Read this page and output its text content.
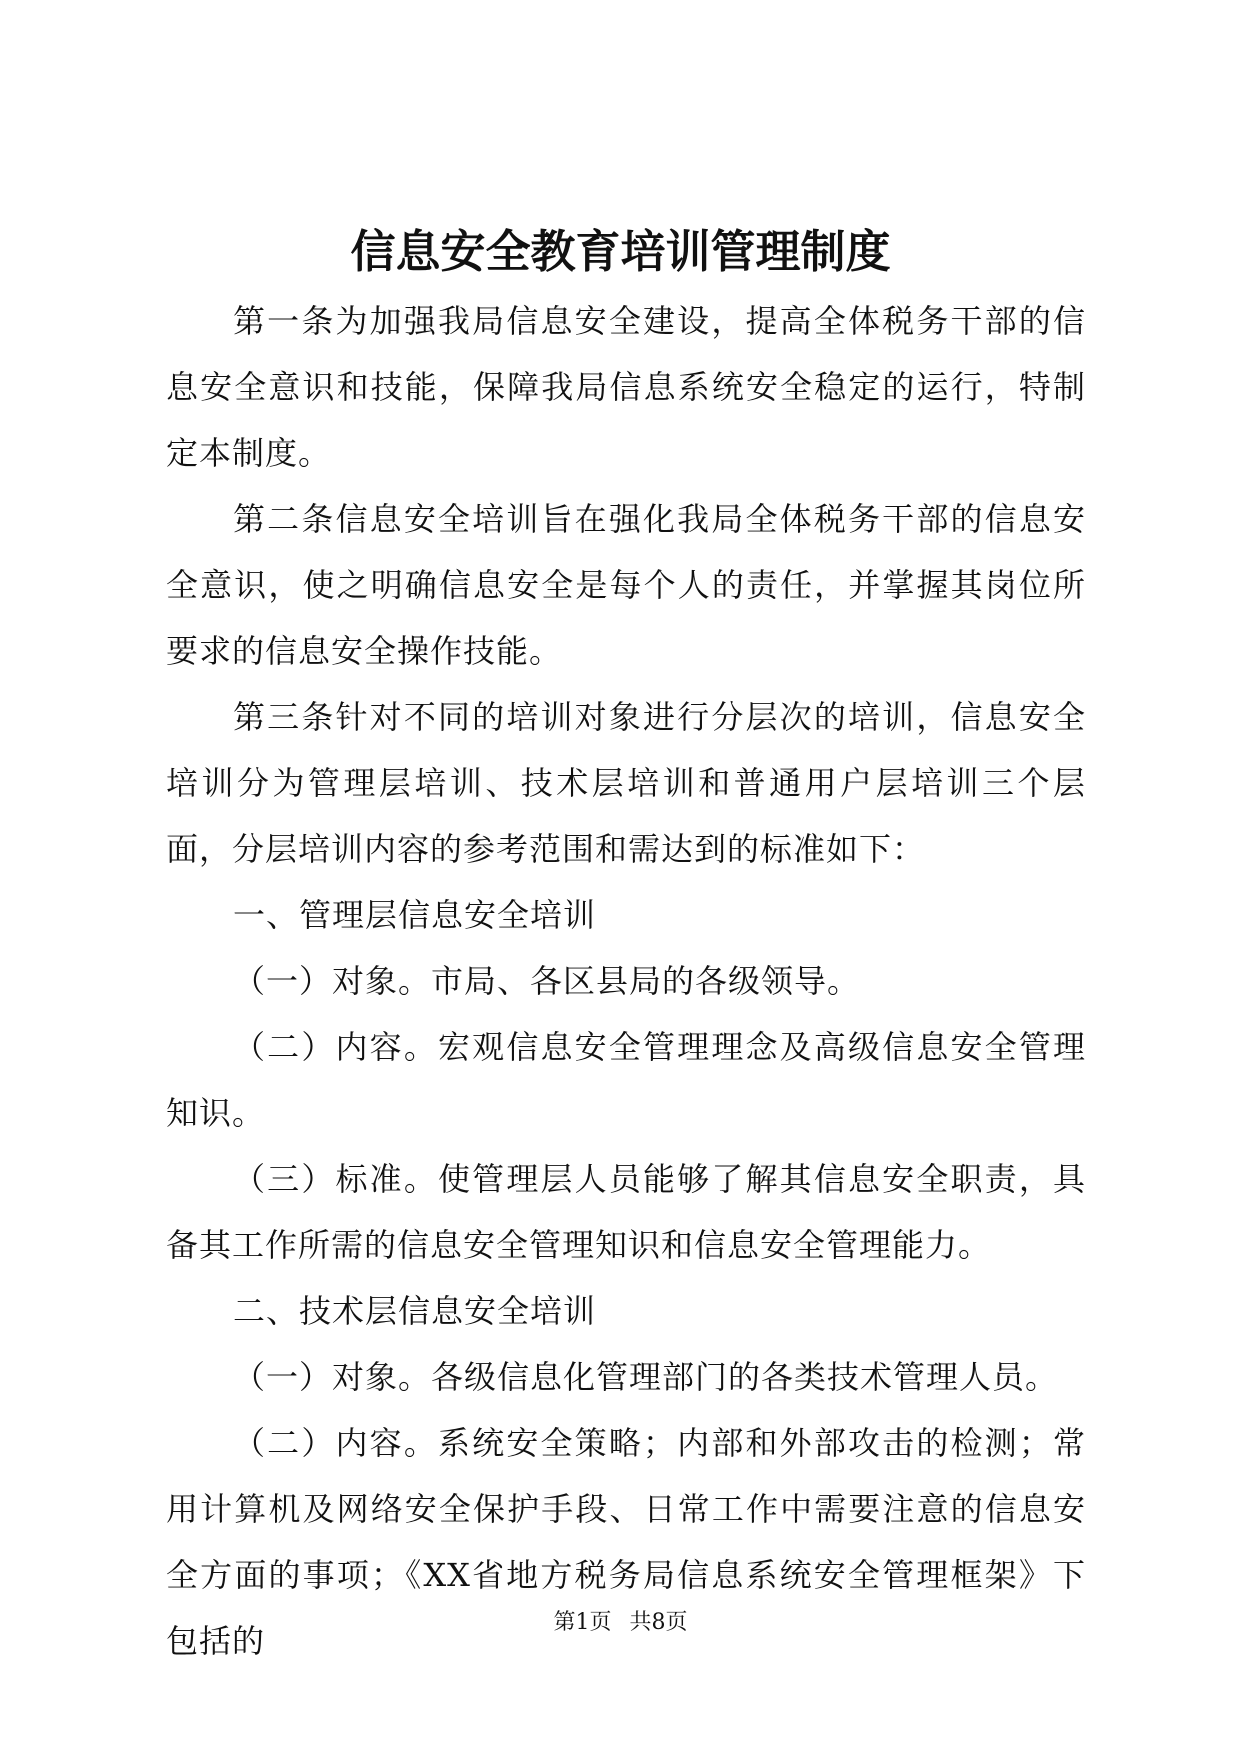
信息安全教育培训管理制度

第一条为加强我局信息安全建设，提高全体税务干部的信息安全意识和技能，保障我局信息系统安全稳定的运行，特制定本制度。

第二条信息安全培训旨在强化我局全体税务干部的信息安全意识，使之明确信息安全是每个人的责任，并掌握其岗位所要求的信息安全操作技能。

第三条针对不同的培训对象进行分层次的培训，信息安全培训分为管理层培训、技术层培训和普通用户层培训三个层面，分层培训内容的参考范围和需达到的标准如下：

一、管理层信息安全培训

（一）对象。市局、各区县局的各级领导。

（二）内容。宏观信息安全管理理念及高级信息安全管理知识。

（三）标准。使管理层人员能够了解其信息安全职责，具备其工作所需的信息安全管理知识和信息安全管理能力。

二、技术层信息安全培训

（一）对象。各级信息化管理部门的各类技术管理人员。

（二）内容。系统安全策略；内部和外部攻击的检测；常用计算机及网络安全保护手段、日常工作中需要注意的信息安全方面的事项；《XX省地方税务局信息系统安全管理框架》下包括的	第1页 共8页
